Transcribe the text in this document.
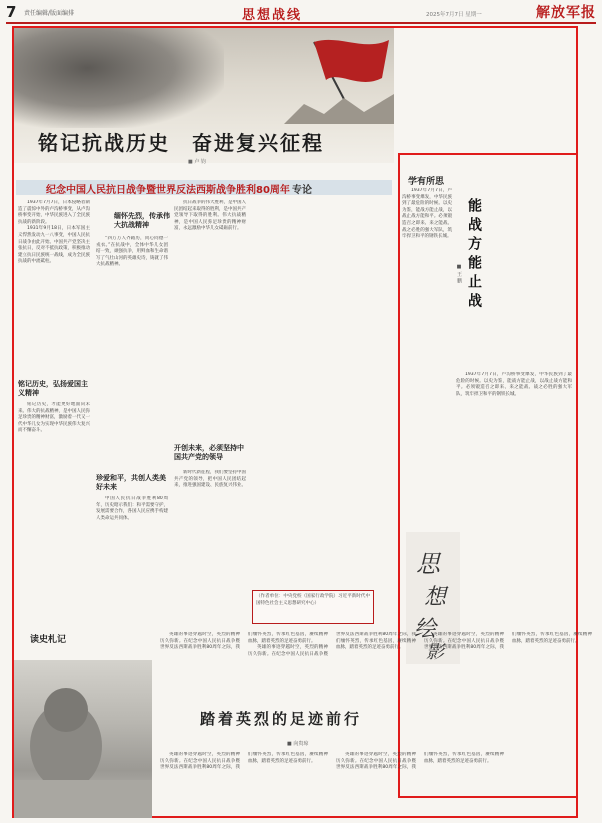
7 责任编辑/版面编排	思想战线	2025年7月7日 星期一	解放军报
铭记抗战历史　奋进复兴征程
■ 卢 钧
纪念中国人民抗日战争暨世界反法西斯战争胜利80周年 专论

1937年7月7日，日本侵略者制造了震惊中外的卢沟桥事变，从卢沟桥事变开始，中华民族进入了全民族抗战的新阶段。

1931年9月18日，日本军国主义悍然发动九一八事变，中国人民抗日战争由此开始。中国共产党坚决主张抗日，反对不抵抗政策，积极推动建立抗日民族统一战线，成为全民族抗战的中流砥柱。

铭记历史，弘扬爱国主义精神

铭记历史，才能更好地面向未来。伟大的抗战精神，是中国人民弥足珍贵的精神财富，激励着一代又一代中华儿女为实现中华民族伟大复兴而不懈奋斗。

缅怀先烈，传承伟大抗战精神

“四万万人齐蹈厉，同心同德一戎衣。”在抗战中，全体中华儿女团结一致，顽强抗争，用鲜血和生命谱写了气壮山河的英雄史诗，铸就了伟大抗战精神。

珍爱和平，共创人类美好未来

中国人民抗日战争胜利80周年，历史昭示我们：和平需要守护，发展需要合作，各国人民应携手构建人类命运共同体。

抗日战争的伟大胜利，是中国人民团结起来取得的胜利，是中国共产党领导下取得的胜利。伟大抗战精神，是中国人民弥足珍贵的精神财富，永远激励中华儿女砥砺前行。

开创未来，必须坚持中国共产党的领导

新时代新征程，我们要坚持中国共产党的领导，把中国人民团结起来，推进强国建设、民族复兴伟业。

（作者单位：中央党校（国家行政学院）习近平新时代中国特色社会主义思想研究中心）

学有所思
能战方能止战
■ 王 鹏

1937年7月7日，卢沟桥事变爆发，中华民族到了最危险的时候。以史为鉴，能战方能止战，以战止战方能和平。必须锻造召之即来、来之能战、战之必胜的强大军队，筑牢捍卫和平的钢铁长城。

1937年7月7日，卢沟桥事变爆发，中华民族到了最危险的时候。以史为鉴，能战方能止战，以战止战方能和平。必须锻造召之即来、来之能战、战之必胜的强大军队，筑牢捍卫和平的钢铁长城。

思
想
绘
影
读史札记

英雄的事迹穿越时空，英烈的精神历久弥新。在纪念中国人民抗日战争暨世界反法西斯战争胜利80周年之际，我们缅怀英烈，传承红色基因，赓续精神血脉，踏着英烈的足迹奋勇前行。

英雄的事迹穿越时空，英烈的精神历久弥新。在纪念中国人民抗日战争暨世界反法西斯战争胜利80周年之际，我们缅怀英烈，传承红色基因，赓续精神血脉，踏着英烈的足迹奋勇前行。

英雄的事迹穿越时空，英烈的精神历久弥新。在纪念中国人民抗日战争暨世界反法西斯战争胜利80周年之际，我们缅怀英烈，传承红色基因，赓续精神血脉，踏着英烈的足迹奋勇前行。

踏着英烈的足迹前行
■ 向贵琼

英雄的事迹穿越时空，英烈的精神历久弥新。在纪念中国人民抗日战争暨世界反法西斯战争胜利80周年之际，我们缅怀英烈，传承红色基因，赓续精神血脉，踏着英烈的足迹奋勇前行。

英雄的事迹穿越时空，英烈的精神历久弥新。在纪念中国人民抗日战争暨世界反法西斯战争胜利80周年之际，我们缅怀英烈，传承红色基因，赓续精神血脉，踏着英烈的足迹奋勇前行。
